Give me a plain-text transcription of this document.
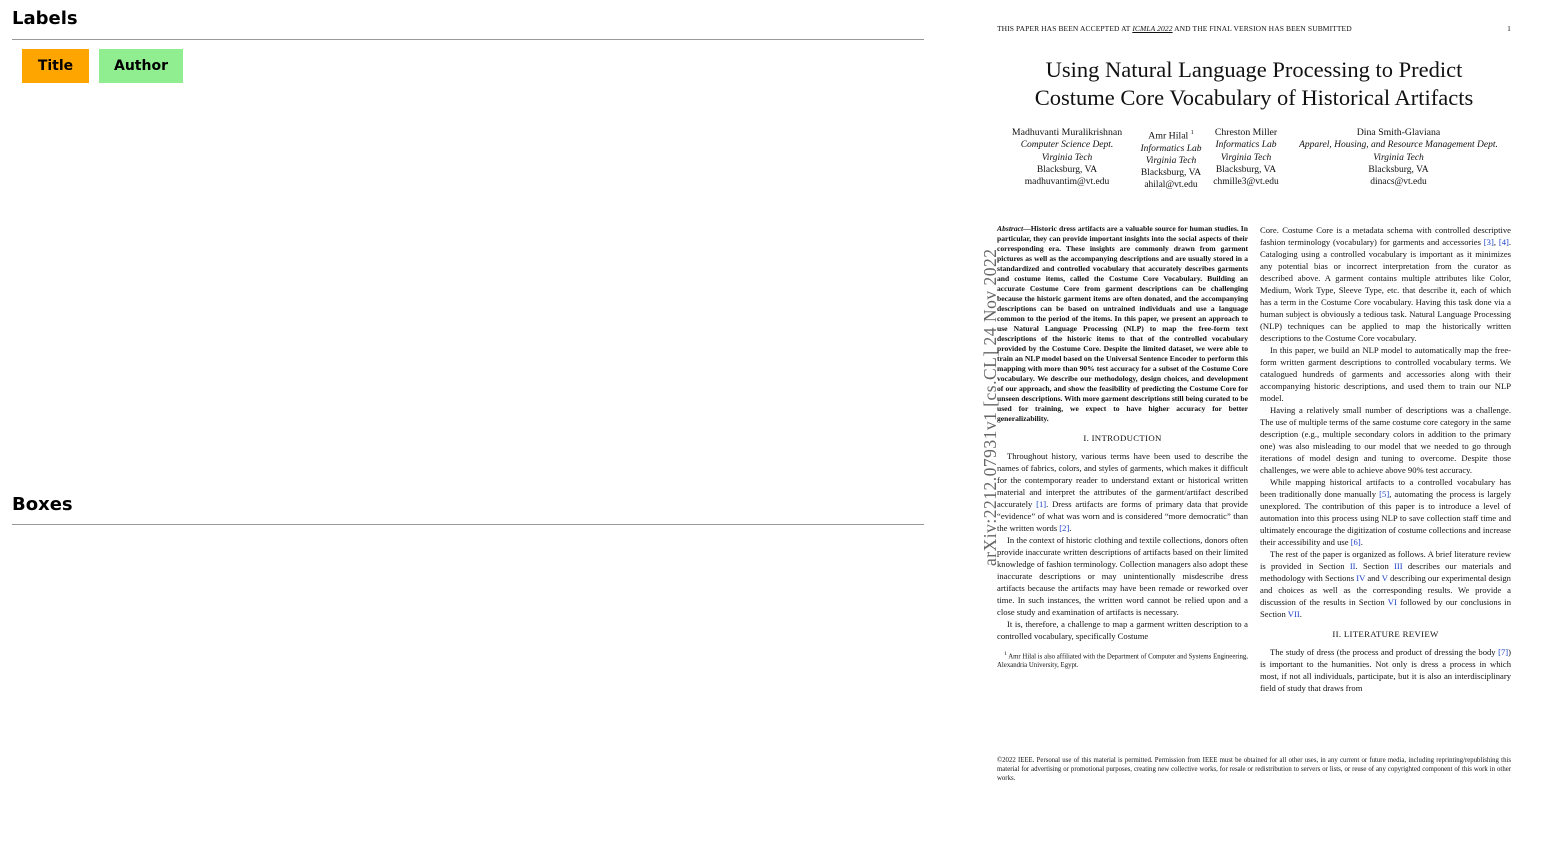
Labels
Title	Author
Boxes
THIS PAPER HAS BEEN ACCEPTED AT ICMLA 2022 AND THE FINAL VERSION HAS BEEN SUBMITTED	1
Using Natural Language Processing to Predict
Costume Core Vocabulary of Historical Artifacts
Madhuvanti Muralikrishnan
Computer Science Dept.
Virginia Tech
Blacksburg, VA
madhuvantim@vt.edu
Amr Hilal $^1$
Informatics Lab
Virginia Tech
Blacksburg, VA
ahilal@vt.edu
Chreston Miller
Informatics Lab
Virginia Tech
Blacksburg, VA
chmille3@vt.edu
Dina Smith-Glaviana
Apparel, Housing, and Resource Management Dept.
Virginia Tech
Blacksburg, VA
dinacs@vt.edu
arXiv:2212.07931v1 [cs.CL] 24 Nov 2022

Abstract—Historic dress artifacts are a valuable source for human studies. In particular, they can provide important insights into the social aspects of their corresponding era. These insights are commonly drawn from garment pictures as well as the accompanying descriptions and are usually stored in a standardized and controlled vocabulary that accurately describes garments and costume items, called the Costume Core Vocabulary. Building an accurate Costume Core from garment descriptions can be challenging because the historic garment items are often donated, and the accompanying descriptions can be based on untrained individuals and use a language common to the period of the items. In this paper, we present an approach to use Natural Language Processing (NLP) to map the free-form text descriptions of the historic items to that of the controlled vocabulary provided by the Costume Core. Despite the limited dataset, we were able to train an NLP model based on the Universal Sentence Encoder to perform this mapping with more than 90% test accuracy for a subset of the Costume Core vocabulary. We describe our methodology, design choices, and development of our approach, and show the feasibility of predicting the Costume Core for unseen descriptions. With more garment descriptions still being curated to be used for training, we expect to have higher accuracy for better generalizability.

I. INTRODUCTION

Throughout history, various terms have been used to describe the names of fabrics, colors, and styles of garments, which makes it difficult for the contemporary reader to understand extant or historical written material and interpret the attributes of the garment/artifact described accurately [1]. Dress artifacts are forms of primary data that provide “evidence” of what was worn and is considered “more democratic” than the written words [2].

In the context of historic clothing and textile collections, donors often provide inaccurate written descriptions of artifacts based on their limited knowledge of fashion terminology. Collection managers also adopt these inaccurate descriptions or may unintentionally misdescribe dress artifacts because the artifacts may have been remade or reworked over time. In such instances, the written word cannot be relied upon and a close study and examination of artifacts is necessary.

It is, therefore, a challenge to map a garment written description to a controlled vocabulary, specifically Costume

$^1$ Amr Hilal is also affiliated with the Department of Computer and Systems Engineering, Alexandria University, Egypt.

Core. Costume Core is a metadata schema with controlled descriptive fashion terminology (vocabulary) for garments and accessories [3], [4]. Cataloging using a controlled vocabulary is important as it minimizes any potential bias or incorrect interpretation from the curator as described above. A garment contains multiple attributes like Color, Medium, Work Type, Sleeve Type, etc. that describe it, each of which has a term in the Costume Core vocabulary. Having this task done via a human subject is obviously a tedious task. Natural Language Processing (NLP) techniques can be applied to map the historically written descriptions to the Costume Core vocabulary.

In this paper, we build an NLP model to automatically map the free-form written garment descriptions to controlled vocabulary terms. We catalogued hundreds of garments and accessories along with their accompanying historic descriptions, and used them to train our NLP model.

Having a relatively small number of descriptions was a challenge. The use of multiple terms of the same costume core category in the same description (e.g., multiple secondary colors in addition to the primary one) was also misleading to our model that we needed to go through iterations of model design and tuning to overcome. Despite those challenges, we were able to achieve above 90% test accuracy.

While mapping historical artifacts to a controlled vocabulary has been traditionally done manually [5], automating the process is largely unexplored. The contribution of this paper is to introduce a level of automation into this process using NLP to save collection staff time and ultimately encourage the digitization of costume collections and increase their accessibility and use [6].

The rest of the paper is organized as follows. A brief literature review is provided in Section II. Section III describes our materials and methodology with Sections IV and V describing our experimental design and choices as well as the corresponding results. We provide a discussion of the results in Section VI followed by our conclusions in Section VII.

II. LITERATURE REVIEW

The study of dress (the process and product of dressing the body [7]) is important to the humanities. Not only is dress a process in which most, if not all individuals, participate, but it is also an interdisciplinary field of study that draws from

©2022 IEEE. Personal use of this material is permitted. Permission from IEEE must be obtained for all other uses, in any current or future media, including reprinting/republishing this material for advertising or promotional purposes, creating new collective works, for resale or redistribution to servers or lists, or reuse of any copyrighted component of this work in other works.
